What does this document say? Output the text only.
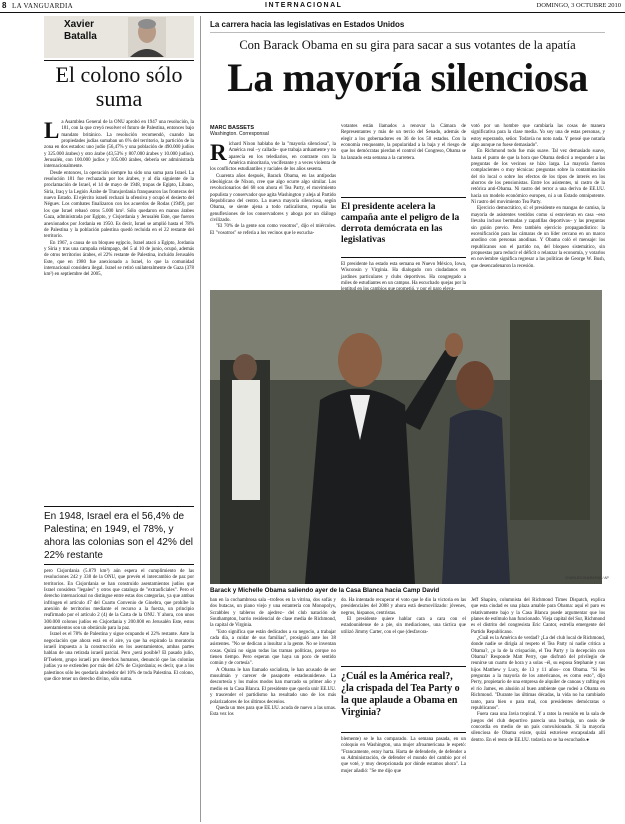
8 LA VANGUARDIA	INTERNACIONAL	DOMINGO, 3 OCTUBRE 2010
Xavier
Batalla
El colono sólo suma

La Asamblea General de la ONU aprobó en 1947 una resolución, la 181, con la que creyó resolver el futuro de Palestina, entonces bajo mandato británico. La resolución recomendó, cuando las propiedades judías sumaban un 6% del territorio, la partición de la zona en dos estados: uno judío (56,47% y una población de 490.000 judíos y 325.000 árabes) y otro árabe (43,53% y 807.000 árabes y 10.000 judíos). Jerusalén, con 100.000 judíos y 105.000 árabes, debería ser administrada internacionalmente.

Desde entonces, la operación siempre ha sido una suma para Israel. La resolución 181 fue rechazada por los árabes, y al día siguiente de la proclamación de Israel, el 14 de mayo de 1948, tropas de Egipto, Líbano, Siria, Iraq y la Legión Árabe de Transjordania franquearon las fronteras del nuevo Estado. El ejército israelí rechazó la ofensiva y ocupó el desierto del Néguev. Los combates finalizaron con los acuerdos de Rodas (1949), por los que Israel rebasó otros 5.000 km². Sólo quedaron en manos árabes Gaza, administrada por Egipto, y Cisjordania y Jerusalén Este, que fueron anexionados por Jordania en 1950. Es decir, Israel se amplió hasta el 78% de Palestina y la población palestina quedó recluida en el 22 restante del territorio.

En 1967, a causa de un bloqueo egipcio, Israel atacó a Egipto, Jordania y Siria y tras una campaña relámpago, del 5 al 10 de junio, ocupó, además de otros territorios árabes, el 22% restante de Palestina, incluido Jerusalén Este, que en 1980 fue anexionado a Israel, lo que la comunidad internacional considera ilegal. Israel se retiró unilateralmente de Gaza (378 km²) en septiembre del 2005,

En 1948, Israel era el 56,4% de Palestina; en 1949, el 78%, y ahora las colonias son el 42% del 22% restante

pero Cisjordania (5.879 km²) aún espera el cumplimiento de las resoluciones 242 y 338 de la ONU, que prevén el intercambio de paz por territorios. En Cisjordania se han construido asentamientos judíos que Israel considera "legales" y otros que cataloga de "extraoficiales". Pero el derecho internacional no distingue entre estas dos categorías, ya que ambas infringen el artículo 47 del Cuarto Convenio de Ginebra, que prohíbe la anexión de territorios mediante el recurso a la fuerza, un principio reafirmado por el artículo 2 (4) de la Carta de la ONU. Y ahora, con unos 300.000 colonos judíos en Cisjordania y 200.000 en Jerusalén Este, estos asentamientos son un obstáculo para la paz.

Israel es el 78% de Palestina y sigue ocupando el 22% restante. Ante la negociación que ahora está en el aire, ya que ha expirado la moratoria israelí impuesta a la construcción en los asentamientos, ambas partes hablan de una retirada israelí parcial. Pero ¿será posible? El pasado julio, B'Tselem, grupo israelí pro derechos humanos, denunció que las colonias judías ya se extienden por más del 42% de Cisjordania; es decir, que a los palestinos sólo les quedaría alrededor del 10% de toda Palestina. El colono, que dice tener un derecho divino, sólo suma.

La carrera hacia las legislativas en Estados Unidos
Con Barack Obama en su gira para sacar a sus votantes de la apatía
La mayoría silenciosa
MARC BASSETS
Washington. Corresponsal

Richard Nixon hablaba de la "mayoría silenciosa", la América real –y callada– que trabaja arduamente y no aparecía en los telediarios, en contraste con la América minoritaria, vociferante y a veces violenta de los conflictos estudiantiles y raciales de los años sesenta.

Cuarenta años después, Barack Obama, en las antípodas ideológicas de Nixon, cree que algo ocurre algo similar. Los revolucionarios del 68 son ahora el Tea Party, el movimiento populista y conservador que agita Washington y aleja al Partido Republicano del centro. La nueva mayoría silenciosa, según Obama, se siente ajena a todo radicalismo, repudia las genuflexiones de los conservadores y aboga por un diálogo civilizado.

"El 70% de la gente son como vosotros", dijo el miércoles. El "vosotros" se refería a los vecinos que le escucha-

votantes están llamados a renovar la Cámara de Representantes y más de un tercio del Senado, además de elegir a los gobernadores en 36 de los 50 estados. Con la economía renqueante, la popularidad a la baja y el riesgo de que los demócratas pierdan el control del Congreso, Obama se ha lanzado esta semana a la carretera.

El presidente acelera la campaña ante el peligro de la derrota demócrata en las legislativas

El presidente ha estado esta semana en Nuevo México, Iowa, Wisconsin y Virginia. Ha dialogado con ciudadanos en jardines particulares y clubs deportivos. Ha congregado a miles de estudiantes en un campus. Ha escuchado quejas por la

votó por un hombre que cambiaría las cosas de manera significativa para la clase media. Yo soy una de estas personas, y estoy esperando, señor. Todavía no noto nada. Y pensé que notaría algo aunque no fuese demasiado".

En Richmond todo fue más suave. Tal vez demasiado suave, hasta el punto de que la hora que Obama dedicó a responder a las preguntas de los vecinos se hizo larga. La mayoría fueron complacientes o muy técnicas: preguntas sobre la contaminación del río local o sobre los efectos de los tipos de interés en los ahorros de los pensionistas. Entre los asistentes, ni rastro de la retórica anti-Obama. Ni rastro del terror a una deriva de EE.UU. hacia un modelo económico europeo, ni a un Estado omnipotente. Ni rastro del movimiento Tea Party.

Ejercicio democrático, sí: el presidente en mangas de camisa, la mayoría de asistentes vestidos como si estuvieran en casa –eso llevaba incluso bermudas y zapatillas deportivas– y las preguntas sin guión previo. Pero también ejercicio propagandístico: la escenificación para las cámaras de un líder cercano en un marco anodino con personas anodinas. Y Obama coló el mensaje: los republicanos son el partido no, del bloqueo sistemático, sin propuestas para reducir el déficit o relanzar la economía, y votarlos en noviembre significa regresar a las políticas de George W. Bush, que desencadenaron la recesión.

CHARLES DHARAPAK / AP
Barack y Michelle Obama saliendo ayer de la Casa Blanca hacia Camp David

ban en la cochambrosa sala –trofeos en la vitrina, dos sofás y dos butacas, un piano viejo y una estantería con Monopolys, Scrabbles y tableros de ajedrez– del club natación de Southampton, barrio residencial de clase media de Richmond, la capital de Virginia.

"Esto significa que están dedicados a su negocio, a trabajar cada día, a cuidar de sus familias", prosiguió ante los 38 asistentes. "No se dedican a insultar a la gente. No se inventan cosas. Quizá no sigan todas las tramas políticas, porque no tienen tiempo. Pero esperan que haya un poco de sentido común y de cortesía".

A Obama le han llamado socialista, le han acusado de ser musulmán y carecer de pasaporte estadounidense. La descortesía y los malos modos han marcado su primer año y medio en la Casa Blanca. El presidente que quería unir EE.UU. y trascender el partidismo ha resultado uno de los más polarizadores de los últimos decenios.

Queda un mes para que EE.UU. acuda de nuevo a las urnas. Esta vez los

do. Ha intentado recuperar el voto que le dio la victoria en las presidenciales del 2008 y ahora está desmovilizado: jóvenes, negros, hispanos, centristas.

El presidente quiere hablar cara a cara con el estadounidense de a pie, sin mediaciones, una táctica que utilizó Jimmy Carter, con el que (desfavora-

¿Cuál es la América real?, ¿la crispada del Tea Party o la que aplaude a Obama en Virginia?

blemente) se le ha comparado. La semana pasada, en un coloquio en Washington, una mujer afroamericana le espetó: "Francamente, estoy harta. Harta de defenderle, de defender a su Administración, de defender el mundo del cambio por el que voté, y muy decepcionada por dónde estamos ahora". La mujer añadió: "Se me dijo que

Jeff Shapiro, columnista del Richmond Times Dispatch, explica que esta ciudad es una plaza amable para Obama: aquí el paro es relativamente bajo y la Casa Blanca puede argumentar que los planes de estímulo han funcionado. Vieja capital del Sur, Richmond es el distrito del congresista Eric Cantor, estrella emergente del Partido Republicano.

¿Cuál es la América de verdad? ¿La del club local de Richmond, donde nadie se dirigía al respeto el Tea Party ni nadie critica a Obama?, ¿o la de la crispación, el Tea Party y la decepción con Obama? Responde Matt Perry, que disfrutó del privilegio de reunirse un cuarto de hora y a solas –él, su esposa Stephanie y sus hijos Matthew y Lucy, de 13 y 11 años– con Obama. "Si les preguntas a la mayoría de los americanos, es como esto", dijo Perry, propietario de una empresa de alquiler de canoas y rafting en el río James, en alusión al buen ambiente que rodeó a Obama en Richmond. "Durante las últimas décadas, la vida no ha cambiado tanto, para bien o para mal, con presidentes demócratas o republicanos".

Fuera casa una Javia tropical. Y a ratos la reunión en la sala de juegos del club deportivo parecía una burbuja, un oasis de concordia en medio de un país convulsionado. Si la mayoría silenciosa de Obama existe, quizá estuviese encapsulada allí dentro. En el resto de EE.UU. todavía no se ha escuchado.●
